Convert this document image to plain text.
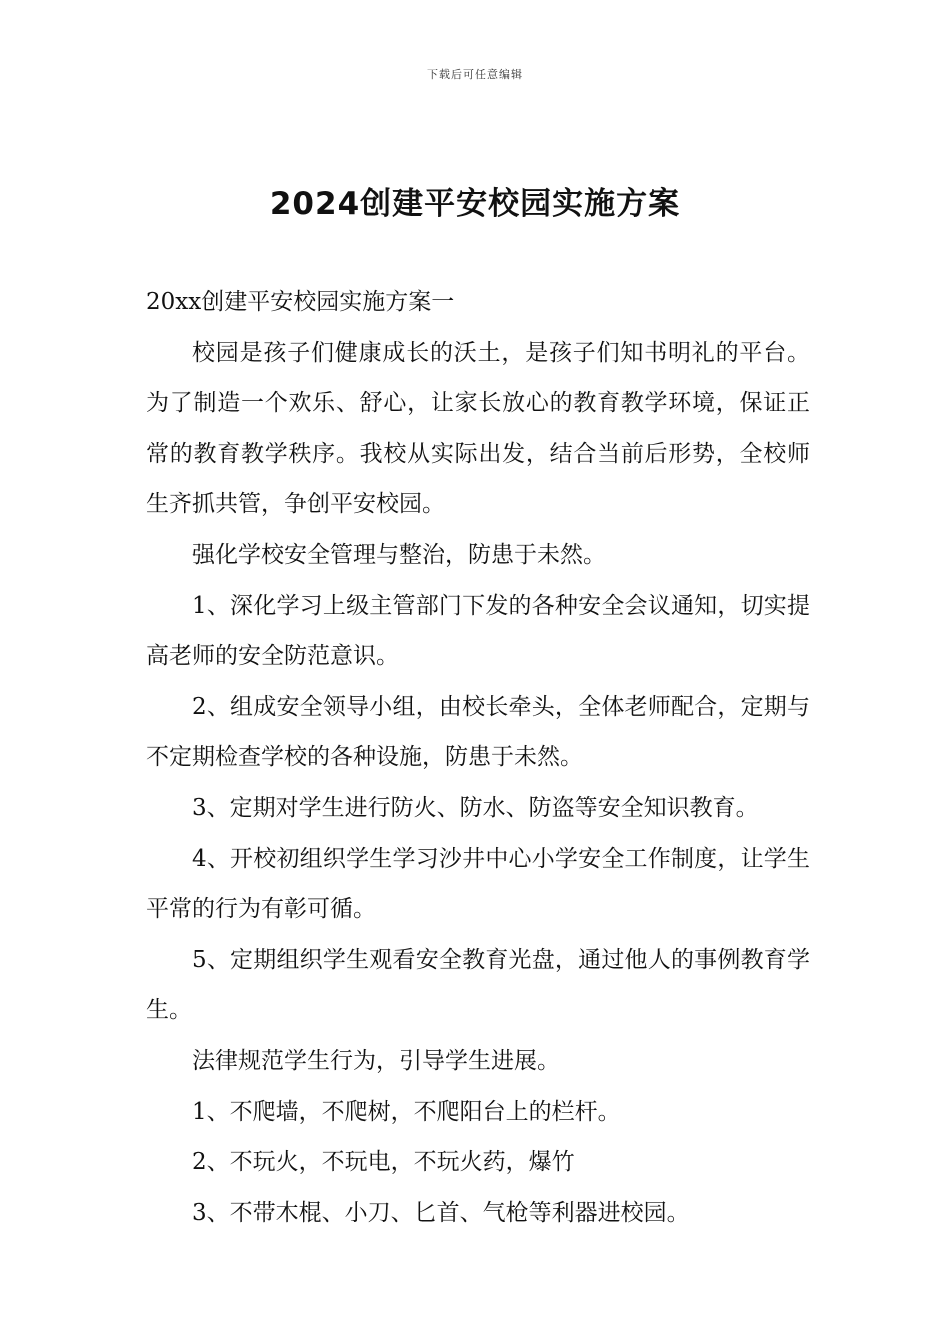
下载后可任意编辑
2024创建平安校园实施方案

20xx创建平安校园实施方案一

校园是孩子们健康成长的沃土，是孩子们知书明礼的平台。为了制造一个欢乐、舒心，让家长放心的教育教学环境，保证正常的教育教学秩序。我校从实际出发，结合当前后形势，全校师生齐抓共管，争创平安校园。

强化学校安全管理与整治，防患于未然。

1、深化学习上级主管部门下发的各种安全会议通知，切实提高老师的安全防范意识。

2、组成安全领导小组，由校长牵头，全体老师配合，定期与不定期检查学校的各种设施，防患于未然。

3、定期对学生进行防火、防水、防盗等安全知识教育。

4、开校初组织学生学习沙井中心小学安全工作制度，让学生平常的行为有彰可循。

5、定期组织学生观看安全教育光盘，通过他人的事例教育学生。

法律规范学生行为，引导学生进展。

1、不爬墙，不爬树，不爬阳台上的栏杆。

2、不玩火，不玩电，不玩火药，爆竹

3、不带木棍、小刀、匕首、气枪等利器进校园。
